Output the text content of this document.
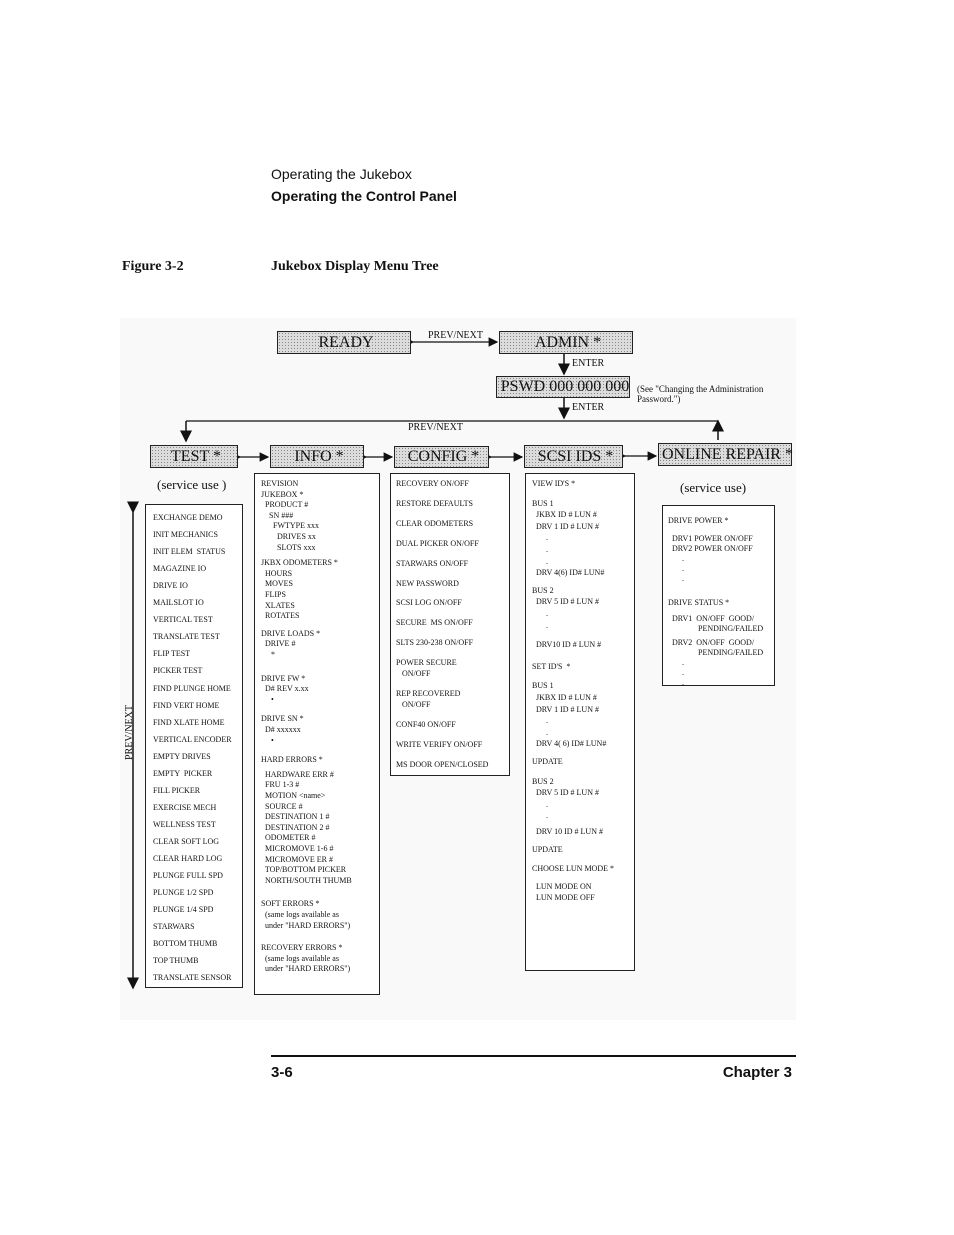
Operating the Jukebox
Operating the Control Panel
Figure 3-2	Jukebox Display Menu Tree
READY	PREV/NEXT	ADMIN *
ENTER
PSWD 000 000 000 (See "Changing the Administration
Password.")
ENTER
PREV/NEXT
TEST *	INFO *	CONFIG *	SCSI IDS *	ONLINE REPAIR *
(service use )	(service use)
PREV/NEXT
EXCHANGE DEMO
INIT MECHANICS
INIT ELEM  STATUS
MAGAZINE IO
DRIVE IO
MAILSLOT IO
VERTICAL TEST
TRANSLATE TEST
FLIP TEST
PICKER TEST
FIND PLUNGE HOME
FIND VERT HOME
FIND XLATE HOME
VERTICAL ENCODER
EMPTY DRIVES
EMPTY  PICKER
FILL PICKER
EXERCISE MECH
WELLNESS TEST
CLEAR SOFT LOG
CLEAR HARD LOG
PLUNGE FULL SPD
PLUNGE 1/2 SPD
PLUNGE 1/4 SPD
STARWARS
BOTTOM THUMB
TOP THUMB
TRANSLATE SENSOR
REVISION
JUKEBOX *
PRODUCT #
SN ###
FWTYPE xxx
DRIVES xx
SLOTS xxx
JKBX ODOMETERS *
HOURS
MOVES
FLIPS
XLATES
ROTATES
DRIVE LOADS *
DRIVE #
*
DRIVE FW *
D# REV x.xx
•
DRIVE SN *
D# xxxxxx
•
HARD ERRORS *
HARDWARE ERR #
FRU 1-3 #
MOTION <name>
SOURCE #
DESTINATION 1 #
DESTINATION 2 #
ODOMETER #
MICROMOVE 1-6 #
MICROMOVE ER #
TOP/BOTTOM PICKER
NORTH/SOUTH THUMB
SOFT ERRORS *
(same logs available as
under "HARD ERRORS")
RECOVERY ERRORS *
(same logs available as
under "HARD ERRORS")
RECOVERY ON/OFF
RESTORE DEFAULTS
CLEAR ODOMETERS
DUAL PICKER ON/OFF
STARWARS ON/OFF
NEW PASSWORD
SCSI LOG ON/OFF
SECURE  MS ON/OFF
SLTS 230-238 ON/OFF
POWER SECURE
ON/OFF
REP RECOVERED
ON/OFF
CONF40 ON/OFF
WRITE VERIFY ON/OFF
MS DOOR OPEN/CLOSED
VIEW ID'S *
BUS 1
JKBX ID # LUN #
DRV 1 ID # LUN #
.
.
.
DRV 4(6) ID# LUN#
BUS 2
DRV 5 ID # LUN #
.
.
DRV10 ID # LUN #
SET ID'S  *
BUS 1
JKBX ID # LUN #
DRV 1 ID # LUN #
.
.
DRV 4( 6) ID# LUN#
UPDATE
BUS 2
DRV 5 ID # LUN #
.
.
DRV 10 ID # LUN #
UPDATE
CHOOSE LUN MODE *
LUN MODE ON
LUN MODE OFF
DRIVE POWER *
DRV1 POWER ON/OFF
DRV2 POWER ON/OFF
.
.
.
DRIVE STATUS *
DRV1  ON/OFF  GOOD/
PENDING/FAILED
DRV2  ON/OFF  GOOD/
PENDING/FAILED
.
.
.
3-6	Chapter 3
